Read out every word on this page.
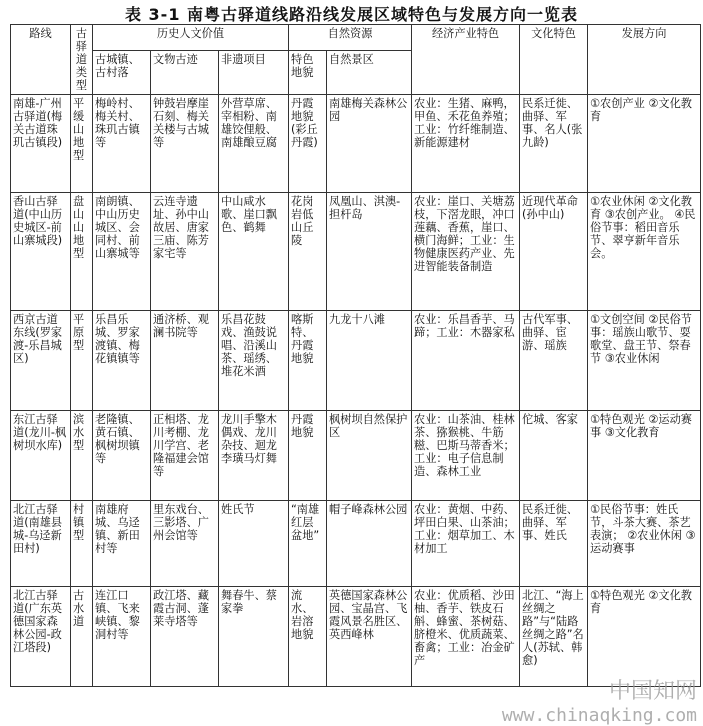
表 3-1 南粤古驿道线路沿线发展区域特色与发展方向一览表
路线	古驿道类型	历史人文价值			自然资源		经济产业特色	文化特色	发展方向
		古城镇、古村落	文物古迹	非遗项目	特色地貌	自然景区			
南雄-广州古驿道(梅关古道珠玑古镇段)	平缓山地型	梅岭村、梅关村、珠玑古镇等	钟鼓岩摩崖石刻、梅关关楼与古城等	外营草席、宰相粉、南雄饺俚般、南雄酿豆腐	丹霞地貌(彩丘丹霞)	南雄梅关森林公园	农业：生猪、麻鸭，甲鱼、禾花鱼养殖；工业：竹纤维制造、新能源建材	民系迁徙、曲驿、军事、名人(张九龄)	①农创产业 ②文化教育
香山古驿道(中山历史城区-前山寨城段)	盘山山地型	南朗镇、中山历史城区、会同村、前山寨城等	云连寺遗址、孙中山故居、唐家三庙、陈芳家宅等	中山咸水歌、崖口飘色、鹤舞	花岗岩低山丘陵	凤凰山、淇澳-担杆岛	农业：崖口、关塘荔枝，下滘龙眼，冲口莲藕、香蕉，崖口、横门海鲜；工业：生物健康医药产业、先进智能装备制造	近现代革命(孙中山)	①农业休闲 ②文化教育 ③农创产业。 ④民俗节事：稻田音乐节、翠亨新年音乐会。
西京古道东线(罗家渡-乐昌城区)	平原型	乐昌乐城、罗家渡镇、梅花镇镇等	通济桥、观澜书院等	乐昌花鼓戏、渔鼓说唱、沿溪山茶、瑶绣、堆花米酒	喀斯特、丹霞地貌	九龙十八滩	农业：乐昌香芋、马蹄；工业：木器家私	古代军事、曲驿、宦游、瑶族	①文创空间 ②民俗节事：瑶族山歌节、耍歌堂、盘王节、祭春节 ③农业休闲
东江古驿道(龙川-枫树坝水库)	滨水型	老隆镇、黄石镇、枫树坝镇等	正相塔、龙川考棚、龙川学宫、老隆福建会馆等	龙川手擎木偶戏、龙川杂技、迴龙李璜马灯舞	丹霞地貌	枫树坝自然保护区	农业：山茶油、桂林茶、猕猴桃、牛筋糍、巴斯马蒂香米；工业：电子信息制造、森林工业	佗城、客家	①特色观光 ②运动赛事 ③文化教育
北江古驿道(南雄县城-乌迳新田村)	村镇型	南雄府城、乌迳镇、新田村等	里东戏台、三影塔、广州会馆等	姓氏节	“南雄红层盆地”	帽子峰森林公园	农业：黄烟、中药、坪田白果、山茶油；工业：烟草加工、木材加工	民系迁徙、曲驿、军事、姓氏	①民俗节事：姓氏节，斗茶大赛、茶艺表演； ②农业休闲 ③运动赛事
北江古驿道(广东英德国家森林公园-政江塔段)	古水道	连江口镇、飞来峡镇、黎洞村等	政江塔、藏霞古洞、蓬莱寺塔等	舞春牛、蔡家拳	流水、岩溶地貌	英德国家森林公园、宝晶宫、飞霞风景名胜区、英西峰林	农业：优质稻、沙田柚、香芋、铁皮石斛、蜂蜜、茶树菇、脐橙米、优质蔬菜、畜禽；工业：冶金矿产	北江、“海上丝绸之路”与“陆路丝绸之路”名人(苏轼、韩愈)	①特色观光 ②文化教育
中国知网
www.chinaqking.com
